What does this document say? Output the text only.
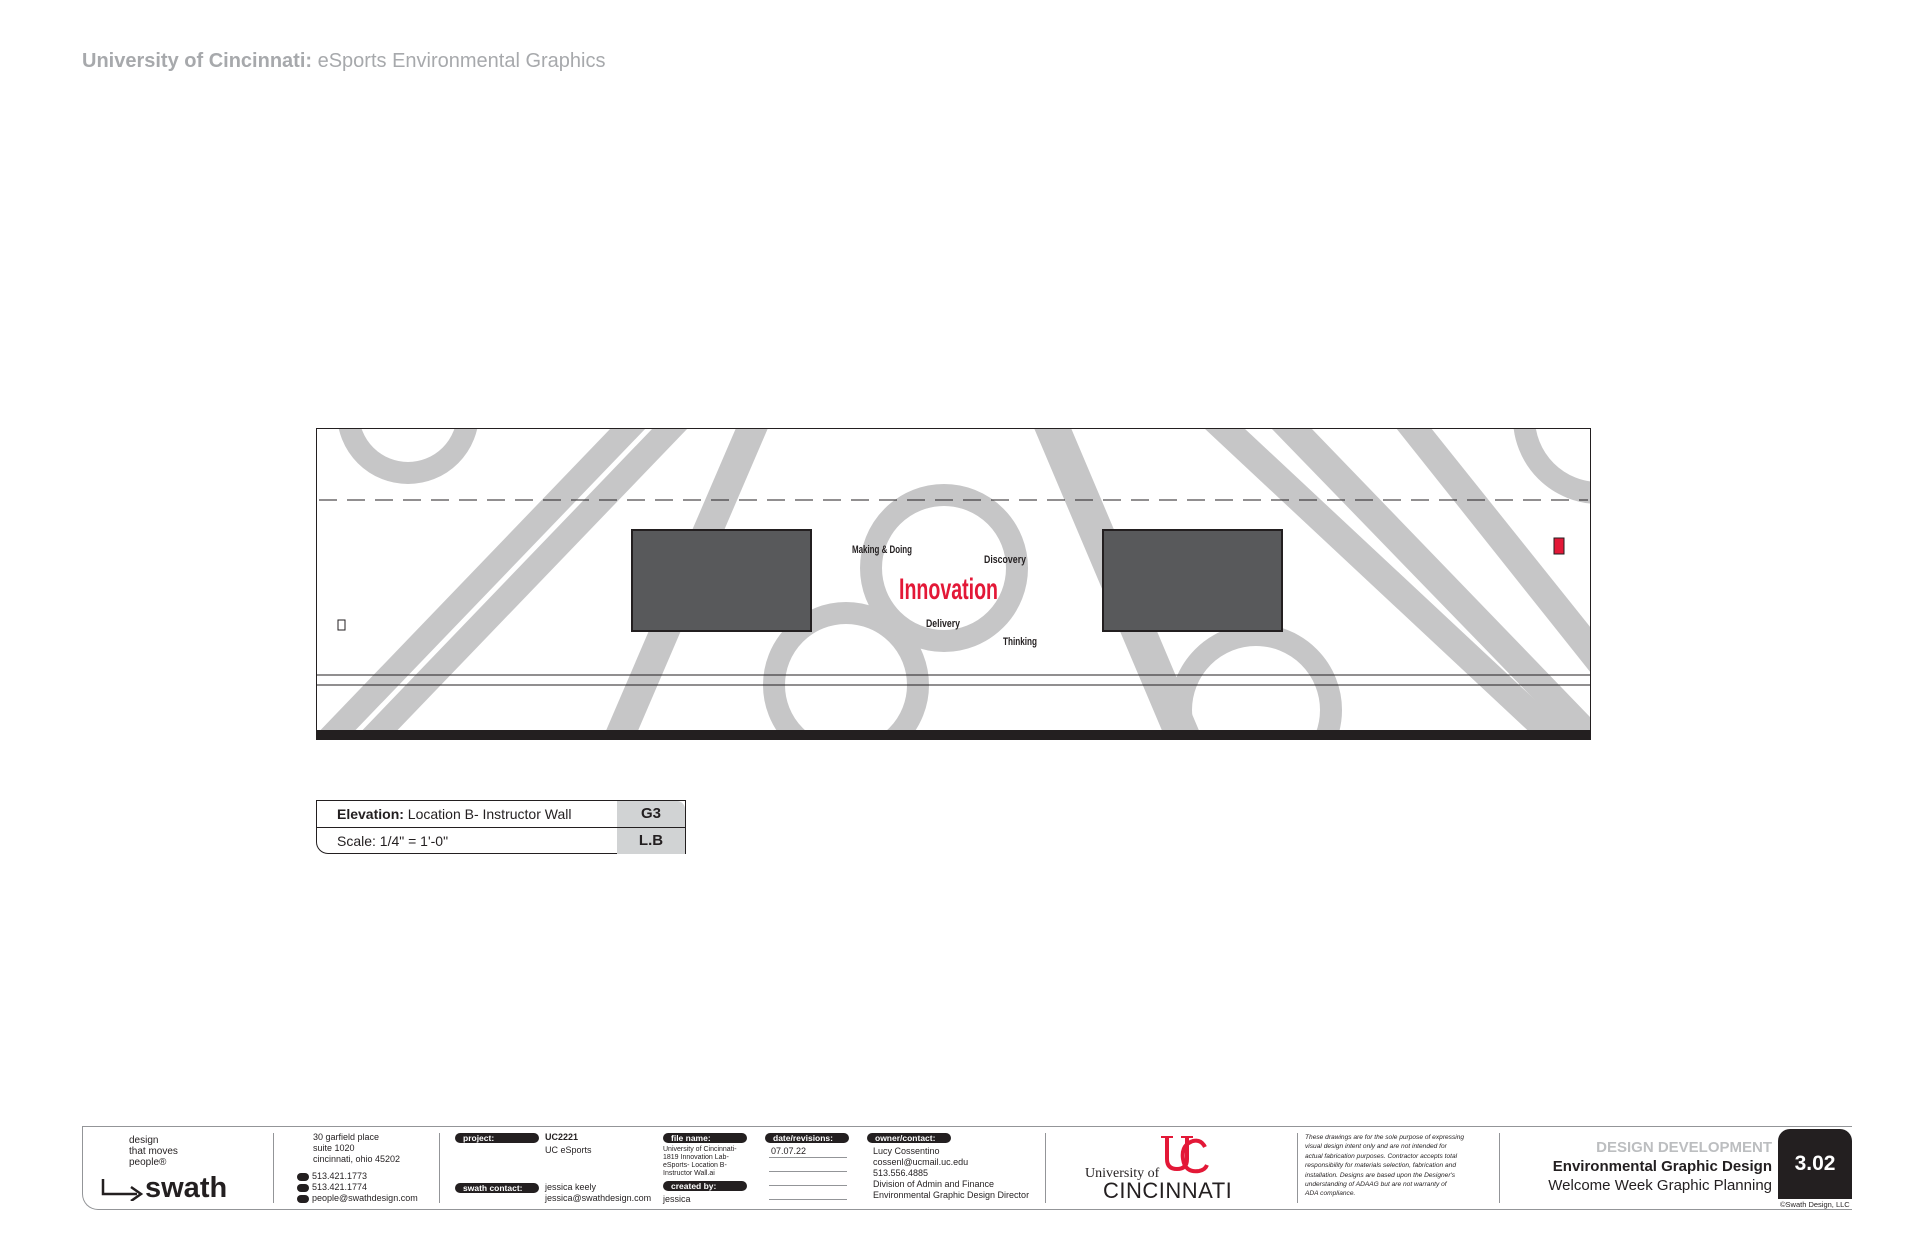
University of Cincinnati: eSports Environmental Graphics
Making & Doing
Discovery
Innovation
Delivery
Thinking
Elevation: Location B- Instructor Wall
Scale: 1/4" = 1'-0"
G3
L.B
design
that moves
people®
swath
30 garfield place
suite 1020
cincinnati, ohio 45202
513.421.1773
513.421.1774
people@swathdesign.com
project:	UC2221
UC eSports
swath contact:	jessica keely
jessica@swathdesign.com
file name:
University of Cincinnati-
1819 Innovation Lab-
eSports- Location B-
Instructor Wall.ai
created by:
jessica
date/revisions:
07.07.22
owner/contact:
Lucy Cossentino
cossenl@ucmail.uc.edu
513.556.4885
Division of Admin and Finance
Environmental Graphic Design Director
University of
CINCINNATI
These drawings are for the sole purpose of expressing
visual design intent only and are not intended for
actual fabrication purposes. Contractor accepts total
responsibility for materials selection, fabrication and
installation. Designs are based upon the Designer's
understanding of ADAAG but are not warranty of
ADA compliance.
DESIGN DEVELOPMENT
Environmental Graphic Design
Welcome Week Graphic Planning
3.02
©Swath Design, LLC
